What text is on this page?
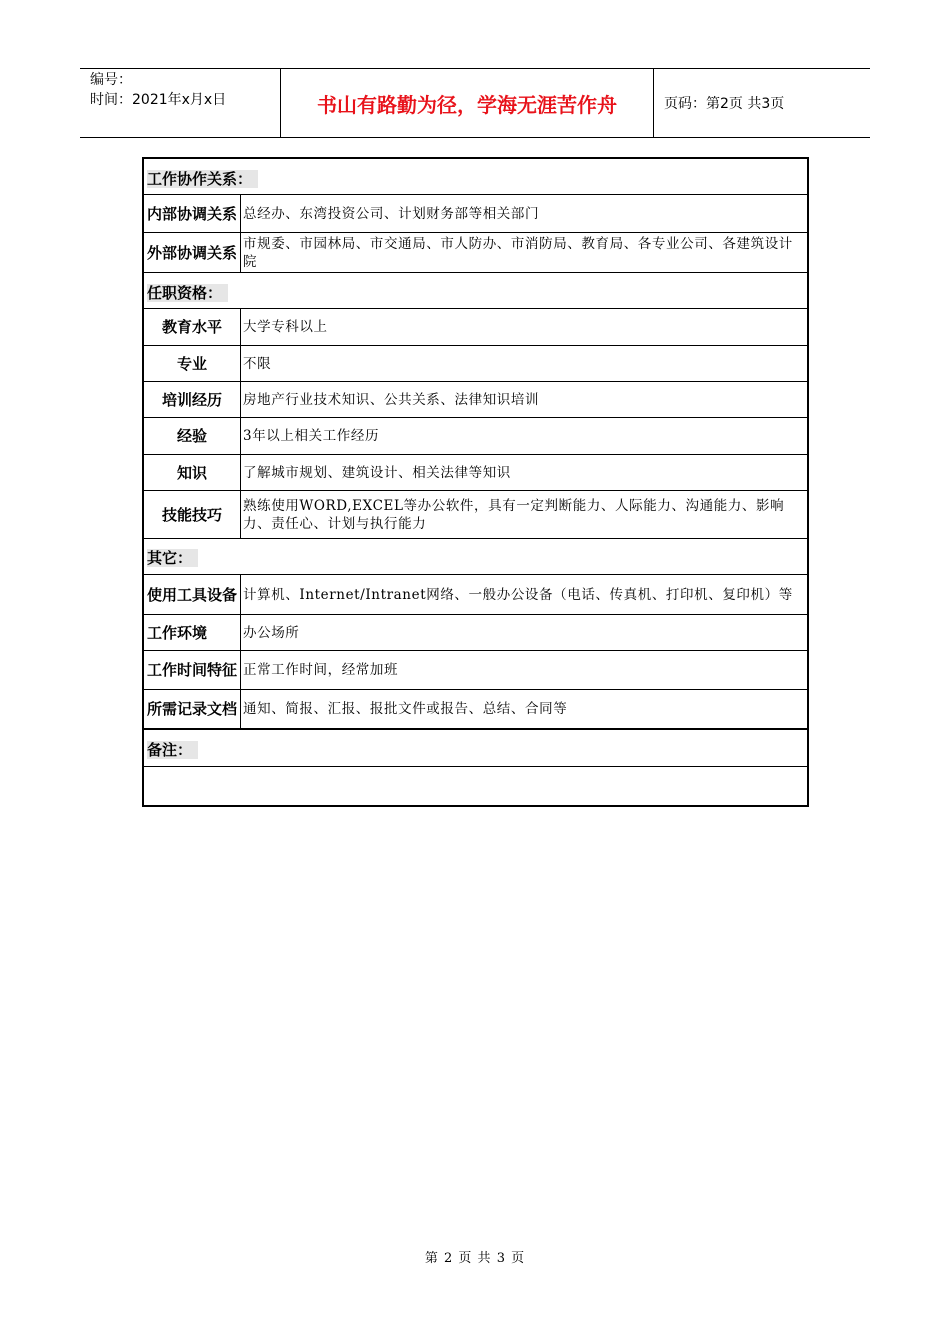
编号：
时间：2021年x月x日	书山有路勤为径，学海无涯苦作舟	页码：第2页 共3页
工作协作关系：
内部协调关系 总经办、东湾投资公司、计划财务部等相关部门
外部协调关系 市规委、市园林局、市交通局、市人防办、市消防局、教育局、各专业公司、各建筑设计院
任职资格：
教育水平	大学专科以上
专业	不限
培训经历	房地产行业技术知识、公共关系、法律知识培训
经验	3年以上相关工作经历
知识	了解城市规划、建筑设计、相关法律等知识
技能技巧	熟练使用WORD,EXCEL等办公软件，具有一定判断能力、人际能力、沟通能力、影响力、责任心、计划与执行能力
其它：
使用工具设备 计算机、Internet/Intranet网络、一般办公设备（电话、传真机、打印机、复印机）等
工作环境	办公场所
工作时间特征 正常工作时间，经常加班
所需记录文档 通知、简报、汇报、报批文件或报告、总结、合同等
备注：
第 2 页 共 3 页
